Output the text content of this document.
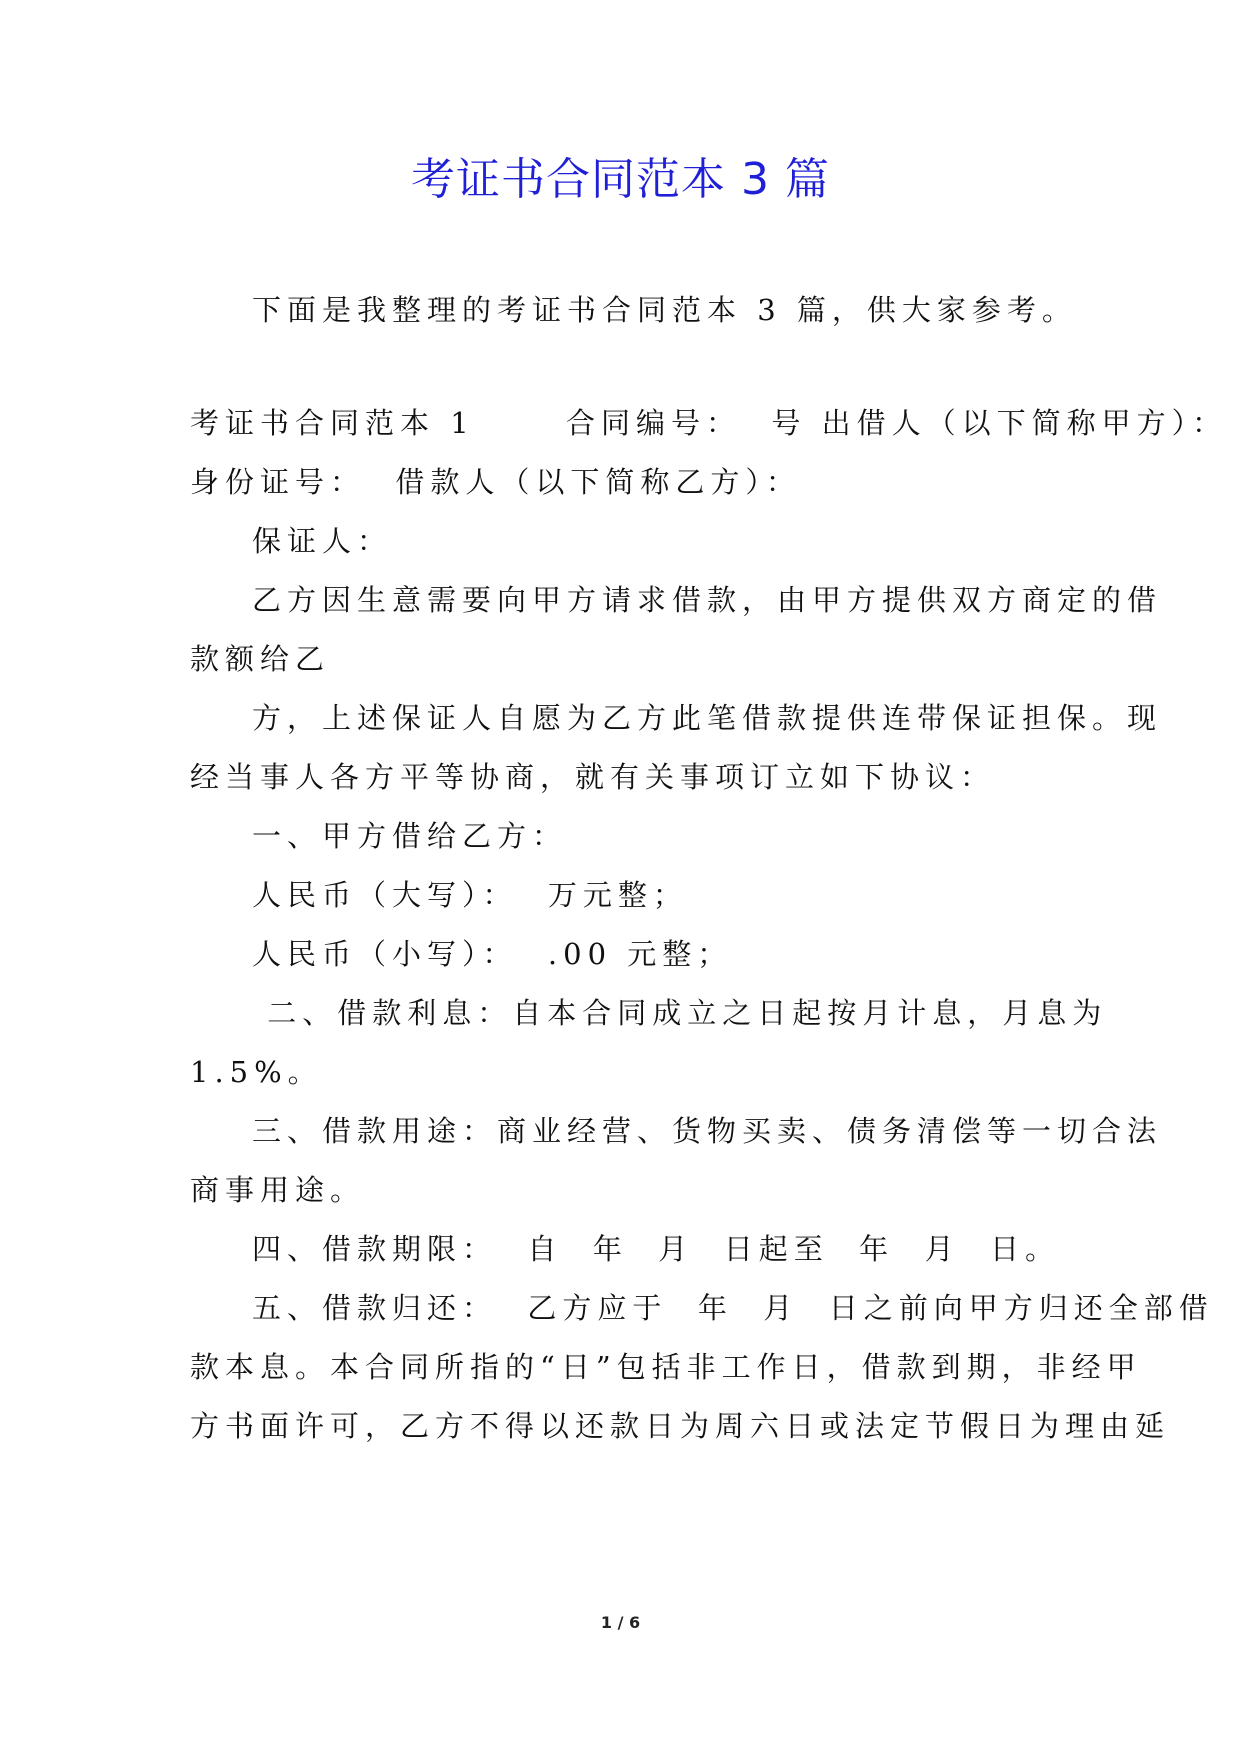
考证书合同范本 3 篇
下面是我整理的考证书合同范本 3 篇，供大家参考。
考证书合同范本 1      合同编号：  号 出借人（以下简称甲方）：
身份证号：  借款人（以下简称乙方）：
保证人：
乙方因生意需要向甲方请求借款，由甲方提供双方商定的借
款额给乙
方，上述保证人自愿为乙方此笔借款提供连带保证担保。现
经当事人各方平等协商，就有关事项订立如下协议：
一、甲方借给乙方：
人民币（大写）：  万元整；
人民币（小写）：  .00 元整；
二、借款利息：自本合同成立之日起按月计息，月息为
1.5%。
三、借款用途：商业经营、货物买卖、债务清偿等一切合法
商事用途。
四、借款期限：  自  年  月  日起至  年  月  日。
五、借款归还：  乙方应于  年  月  日之前向甲方归还全部借
款本息。本合同所指的“日”包括非工作日，借款到期，非经甲
方书面许可，乙方不得以还款日为周六日或法定节假日为理由延
1 / 6
